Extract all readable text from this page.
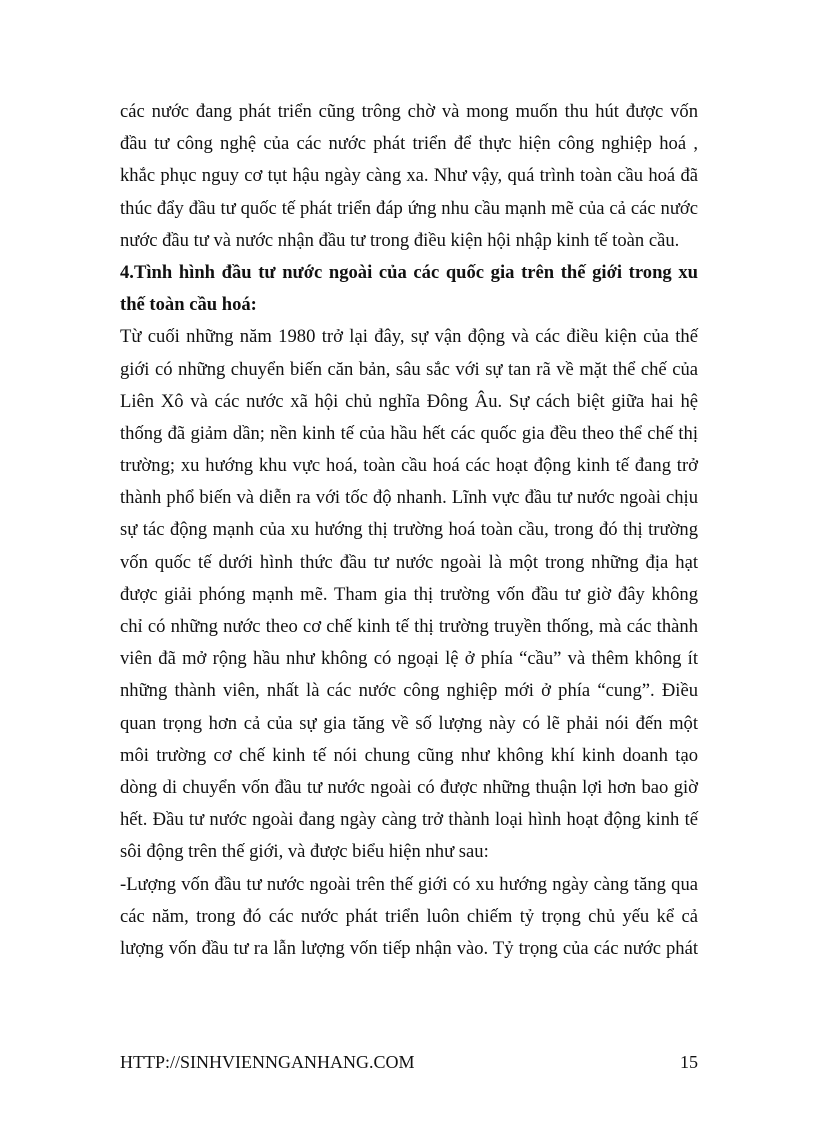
các nước đang phát triển cũng trông chờ và mong muốn thu hút được vốn
đầu tư công nghệ của các nước phát triển để thực hiện công nghiệp hoá ,
khắc phục nguy cơ tụt hậu ngày càng xa. Như vậy, quá trình toàn cầu hoá đã
thúc đẩy đầu tư quốc tế phát triển đáp ứng nhu cầu mạnh mẽ của cả các nước
nước đầu tư và nước nhận đầu tư trong điều kiện hội nhập kinh tế toàn cầu.
4.Tình hình đầu tư nước ngoài của các quốc gia trên thế giới trong xu
thế toàn cầu hoá:
Từ cuối những năm 1980 trở lại đây, sự vận động và các điều kiện của thế
giới có những chuyển biến căn bản, sâu sắc với sự tan rã về mặt thể chế của
Liên Xô và các nước xã hội chủ nghĩa Đông Âu. Sự cách biệt giữa hai hệ
thống đã giảm dần; nền kinh tế của hầu hết các quốc gia đều theo thể chế thị
trường; xu hướng khu vực hoá, toàn cầu hoá các hoạt động kinh tế đang trở
thành phổ biến và diễn ra với tốc độ nhanh. Lĩnh vực đầu tư nước ngoài chịu
sự tác động mạnh của xu hướng thị trường hoá toàn cầu, trong đó thị trường
vốn quốc tế dưới hình thức đầu tư nước ngoài là một trong những địa hạt
được giải phóng mạnh mẽ. Tham gia thị trường vốn đầu tư giờ đây không
chỉ có những nước theo cơ chế kinh tế thị trường truyền thống, mà các thành
viên đã mở rộng hầu như không có ngoại lệ ở phía “cầu” và thêm không ít
những thành viên, nhất là các nước công nghiệp mới ở phía “cung”. Điều
quan trọng hơn cả của sự gia tăng về số lượng này có lẽ phải nói đến một
môi trường cơ chế kinh tế nói chung cũng như không khí kinh doanh tạo
dòng di chuyển vốn đầu tư nước ngoài có được những thuận lợi hơn bao giờ
hết. Đầu tư nước ngoài đang ngày càng trở thành loại hình hoạt động kinh tế
sôi động trên thế giới, và được biểu hiện như sau:
-Lượng vốn đầu tư nước ngoài trên thế giới có xu hướng ngày càng tăng qua
các năm, trong đó các nước phát triển luôn chiếm tỷ trọng chủ yếu kể cả
lượng vốn đầu tư ra lẫn lượng vốn tiếp nhận vào. Tỷ trọng của các nước phát
HTTP://SINHVIENNGANHANG.COM	15
